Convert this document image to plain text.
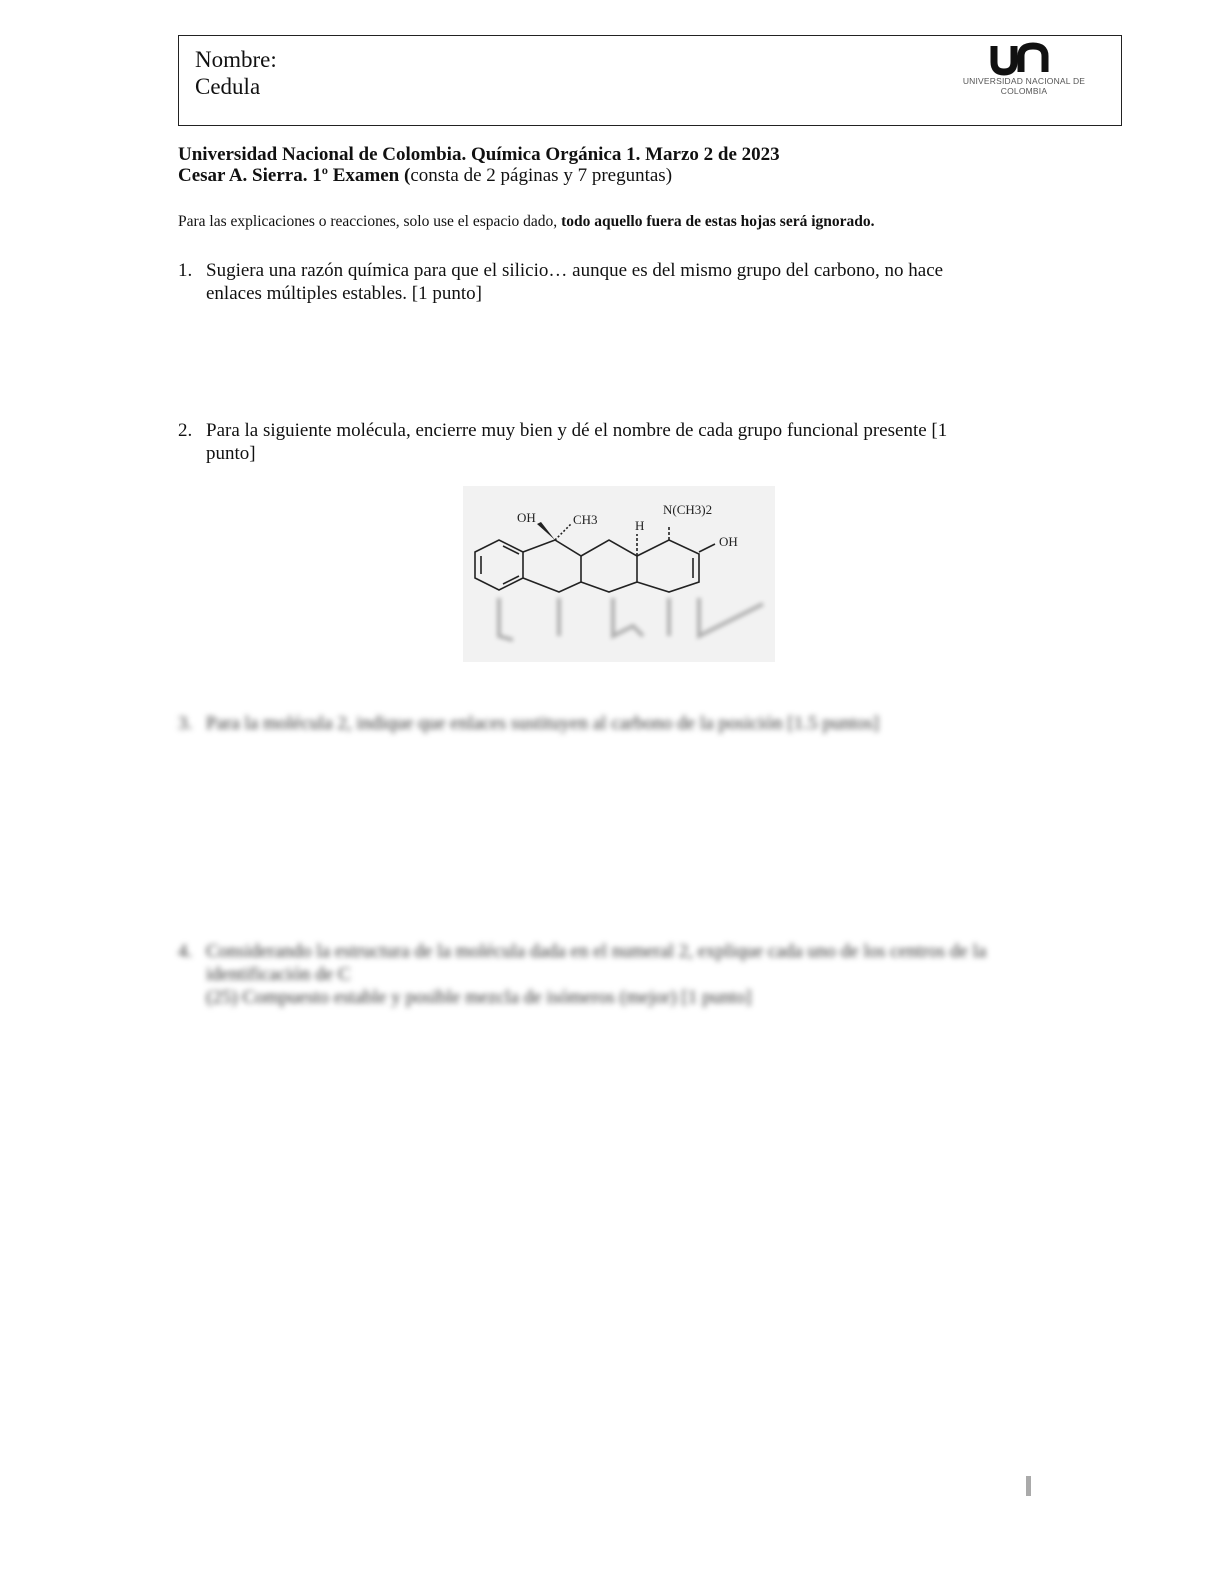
Nombre:
Cedula	UNIVERSIDAD NACIONAL DE COLOMBIA
Universidad Nacional de Colombia. Química Orgánica 1. Marzo 2 de 2023
Cesar A. Sierra. 1º Examen (consta de 2 páginas y 7 preguntas)
Para las explicaciones o reacciones, solo use el espacio dado, todo aquello fuera de estas hojas será ignorado.
1. Sugiera una razón química para que el silicio… aunque es del mismo grupo del carbono, no hace enlaces múltiples estables. [1 punto]
2. Para la siguiente molécula, encierre muy bien y dé el nombre de cada grupo funcional presente [1 punto]
OH	CH3	H
N(CH3)2
OH
3. Para la molécula 2, indique que enlaces sustituyen al carbono de la posición [1.5 puntos]
4. Considerando la estructura de la molécula dada en el numeral 2, explique cada uno de los centros de la identificación de C
(25) Compuesto estable y posible mezcla de isómeros (mejor) [1 punto]
